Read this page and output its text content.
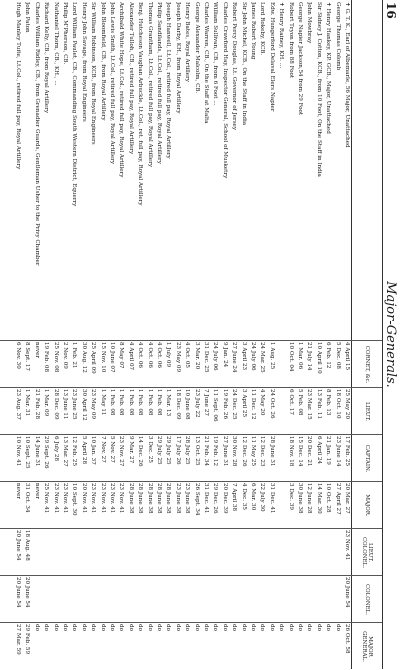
16
Major-Generals.
CORNET, &c.
LIEUT.
CAPTAIN.
MAJOR.
LIEUT. COLONEL.
COLONEL.
MAJOR GENERAL.
✝ G. T. K., Earl of Albemarle, 56 Major, Unattached
4 April 15
25 May 20
17 Feb. 25
20 Mar. 27
23 Nov. 41
20 June 54
26 Oct. 58
George Thomas Colomb
5 Dec. 08
18 Oct. 10
23 June 14
27 April 27
do
✝ Henry Hankey, KP. GCB., Major, Unattached
6 Feb. 12
8 Feb. 13
21 Jan. 19
10 Oct. 28
do
Sir Sidney J. Cotton, KCB., from 10 Foot, On the Staff in India
10 April 10
13 Feb. 11
6 April 24
14 Mar. 30
do
John Mowbray
21 July 14
23 Mar. 15
20 Dec. 21
12 June 28
do
George Napier Jackson,54 from 29 Foot
1 Mar. 06
5 Feb. 08
15 Dec. 14
30 June 38
do
Robert Tryon from 88 Foot
10 Oct. 04
6 Oct. 17
18 Nov. 18
3 Dec. 39
do
✝ Henry Rainey, KH. ...
do
Edw. Hungerford Delaval Elers Napier
1 Aug. 25
24 Oct. 26
28 June 31
31 Dec. 41
do
Lord Rokeby, KCB.
24 Mar. 25
4 May 20
12 Dec. 23
22 July 30
do
James Robert Young
24 July 06
11 Dec. 12
11 May 25
6 Mar. 30
do
Sir John Michel, KCB., On the Staff in India
3 April 23
3 April 25
12 Dec. 26
4 Dec. 35
do
Robert Percy Douglas, Lt. Governor of Jersey
27 June 24
24 Dec. 25
30 Nov. 28
7 April 38
do
Charles Crawford Hay, Inspector General, School of Musketry
9 Jan. 24
19 Feb. 26
27 June 31
20 Dec. 39
do
William Sullivan, CB., from 6 Foot ...
24 July 06
11 Sept. 06
19 Feb. 12
29 Dec. 26
do
Charles Warren, CB., On the Staff at Malta
31 Dec. 25
7 June 27
21 Feb. 34
31 Dec. 41
do
George Alexander Malcolm, CB.
3 Mar. 20
23 July 22
13 Oct. 25
26 Sept. 34
do
Henry Bates, Royal Artillery
4 Oct. 05
10 June 08
28 July 25
23 June 38
do
Joseph Darby, KH., from Royal Artillery
23 May 09
18 Dec. 09
17 July 26
23 June 38
do
Joseph Hanwell, Lt.Col., retired full pay, Royal Artillery
1 July 09
1 Mar. 13
29 July 25
28 June 38
do
Philip Sandilands, Lt.Col., retired full pay, Royal Artillery
4 Oct. 06
1 Feb. 08
29 July 25
28 June 38
do
Thomas Grantham, Lt.Col., retired full pay, Royal Artillery
4 Oct. 06
1 Feb. 08
3 Dec. 25
28 June 38
do
Benj. Hutcheson Vaughan Arbuckle, Lt.Col., ret. full pay, Royal Artillery
4 Oct. 06
1 Feb. 08
14 Dec. 26
28 June 38
do
Alexander Tulloh, CB., retired full pay, Royal Artillery
4 April 07
1 Feb. 08
9 Mar. 27
28 June 38
do
Archibald White Hope, Lt.Col., retired full pay, Royal Artillery
8 May 07
1 Feb. 08
23 Nov. 27
23 Nov. 41
do
John Lewis Smith, Lt.Col., retired full pay, Royal Artillery
10 June 07
1 Feb. 08
5 Nov. 27
23 Nov. 41
do
John Bloomfield, CB., from Royal Artillery
15 Nov. 10
1 May 11
7 Nov. 27
23 Nov. 41
do
Sir William Robinson, KCB., from Royal Engineers
25 April 09
23 May 09
10 Jan. 37
23 Nov. 41
do
Henry John Savage, from Royal Engineers
30 Aug. 12
30 April 12
5 April 28
20 Nov. 41
do
Lord William Paulet, CB., Commanding South Western District, Equerry
1 Feb. 21
23 June 25
12 Feb. 25
10 Sept. 30
do
Philip M'Pherson, CB.
2 Nov. 09
13 June 11
13 Mar. 27
23 Nov. 41
do
Nathaniel Thorn, CB., KH., ...
25 Nov. 08
28 Dec. 09
6 July 28
23 Nov. 41
do
Richard Kelly, CB., from Royal Artillery
19 Feb. 08
1 Mar. 09
29 Sept. 26
25 Nov. 41
do
Charles William Ridley, CB., from Grenadier Guards, Gentleman Usher to the Privy Chamber
never
21 Feb. 28
14 June 31
never
do
John Paton
8 Sept. 17
1 Mar. 31
10 Sept. 25
31 Oct. 34
18 Aug. 48
20 June 54
29 Feb. 59
Hugh Manley Tuite, Lt.Col., retired full pay, Royal Artillery
6 Nov. 30
23 Aug. 37
10 Nov. 41
never
20 June 54
20 June 54
27 Mar. 59
